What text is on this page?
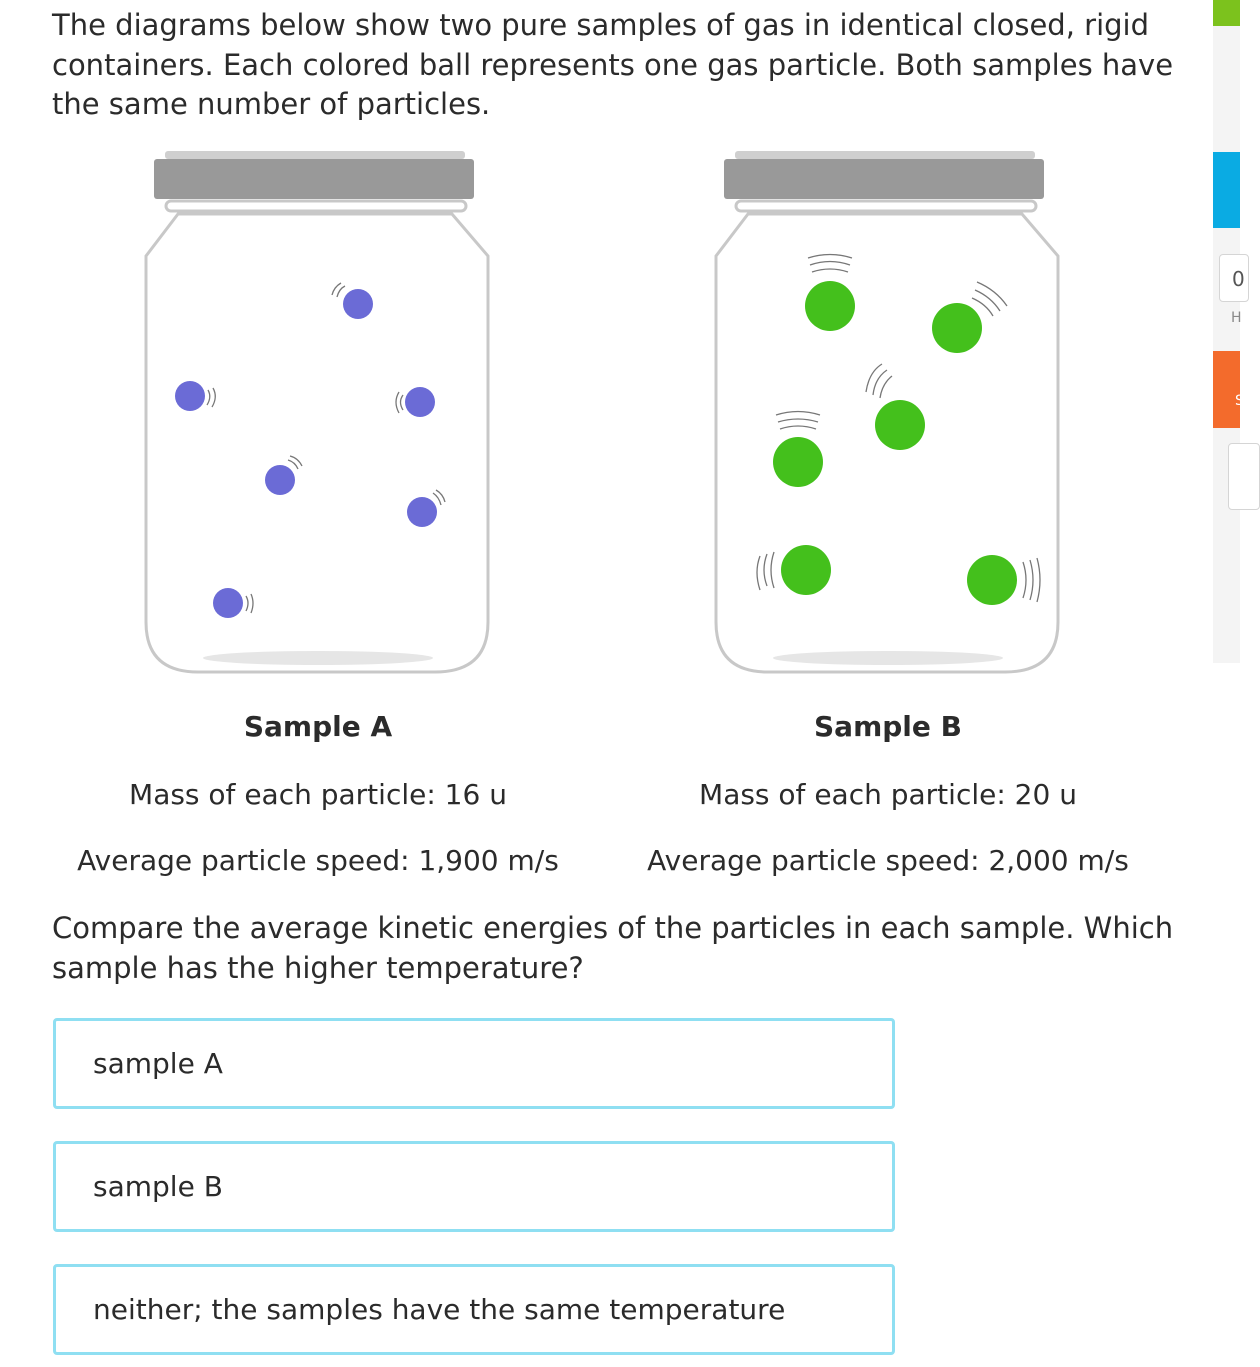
The diagrams below show two pure samples of gas in identical closed, rigid containers. Each colored ball represents one gas particle. Both samples have the same number of particles.

Sample A	Sample B

Mass of each particle: 16 u	Mass of each particle: 20 u

Average particle speed: 1,900 m/s	Average particle speed: 2,000 m/s

Compare the average kinetic energies of the particles in each sample. Which sample has the higher temperature?

sample A
sample B
neither; the samples have the same temperature
0
H
S
